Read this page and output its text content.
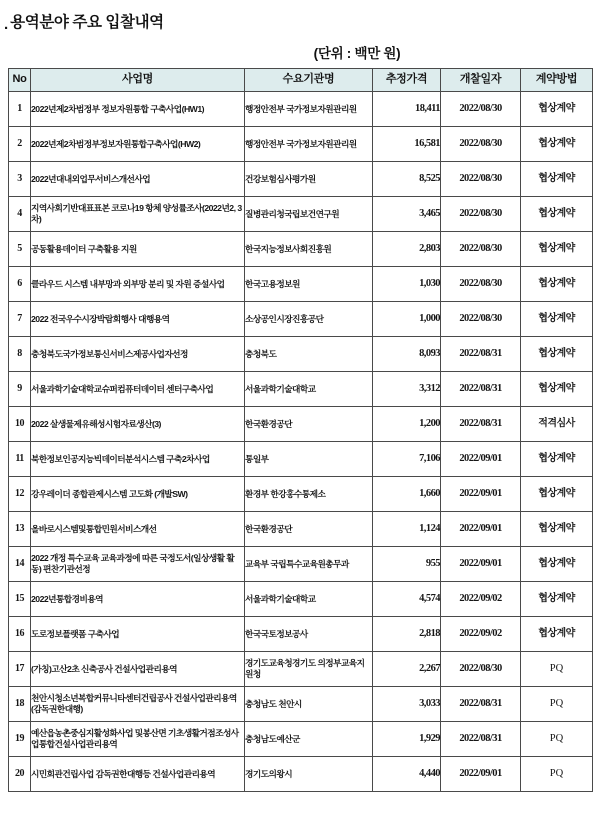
. 용역분야 주요 입찰내역
(단위 : 백만 원)
No	사업명	수요기관명	추정가격	개찰일자	계약방법
1	2022년제2차범정부 정보자원통합 구축사업(HW1)	행정안전부 국가정보자원관리원	18,411	2022/08/30	협상계약
2	2022년제2차범정부정보자원통합구축사업(HW2)	행정안전부 국가정보자원관리원	16,581	2022/08/30	협상계약
3	2022년대내외업무서비스개선사업	건강보험심사평가원	8,525	2022/08/30	협상계약
4	지역사회기반대표표본 코로나19 항체 양성률조사(2022년2, 3차)	질병관리청국립보건연구원	3,465	2022/08/30	협상계약
5	공동활용데이터 구축활용 지원	한국지능정보사회진흥원	2,803	2022/08/30	협상계약
6	클라우드 시스템 내부망과 외부망 분리 및 자원 증설사업	한국고용정보원	1,030	2022/08/30	협상계약
7	2022 전국우수시장박람회행사 대행용역	소상공인시장진흥공단	1,000	2022/08/30	협상계약
8	충청북도국가정보통신서비스제공사업자선정	충청북도	8,093	2022/08/31	협상계약
9	서울과학기술대학교슈퍼컴퓨터데이터 센터구축사업	서울과학기술대학교	3,312	2022/08/31	협상계약
10	2022 살생물제유해성시험자료생산(3)	한국환경공단	1,200	2022/08/31	적격심사
11	북한정보인공지능빅데이터분석시스템 구축2차사업	통일부	7,106	2022/09/01	협상계약
12	강우레이더 종합관제시스템 고도화 (개발SW)	환경부 한강홍수통제소	1,660	2022/09/01	협상계약
13	올바로시스템및통합민원서비스개선	한국환경공단	1,124	2022/09/01	협상계약
14	2022 개정 특수교육 교육과정에 따른 국정도서(일상생활 활동) 편찬기관선정	교육부 국립특수교육원총무과	955	2022/09/01	협상계약
15	2022년통합경비용역	서울과학기술대학교	4,574	2022/09/02	협상계약
16	도로정보플랫폼 구축사업	한국국토정보공사	2,818	2022/09/02	협상계약
17	(가칭)고산2초 신축공사 건설사업관리용역	경기도교육청경기도 의정부교육지원청	2,267	2022/08/30	PQ
18	천안시청소년복합커뮤니타센터건립공사 건설사업관리용역(감독권한대행)	충청남도 천안시	3,033	2022/08/31	PQ
19	예산읍농촌중심지활성화사업 및봉산면 기초생활거점조성사업통합건설사업관리용역	충청남도예산군	1,929	2022/08/31	PQ
20	시민회관건립사업 감독권한대행등 건설사업관리용역	경기도의왕시	4,440	2022/09/01	PQ
